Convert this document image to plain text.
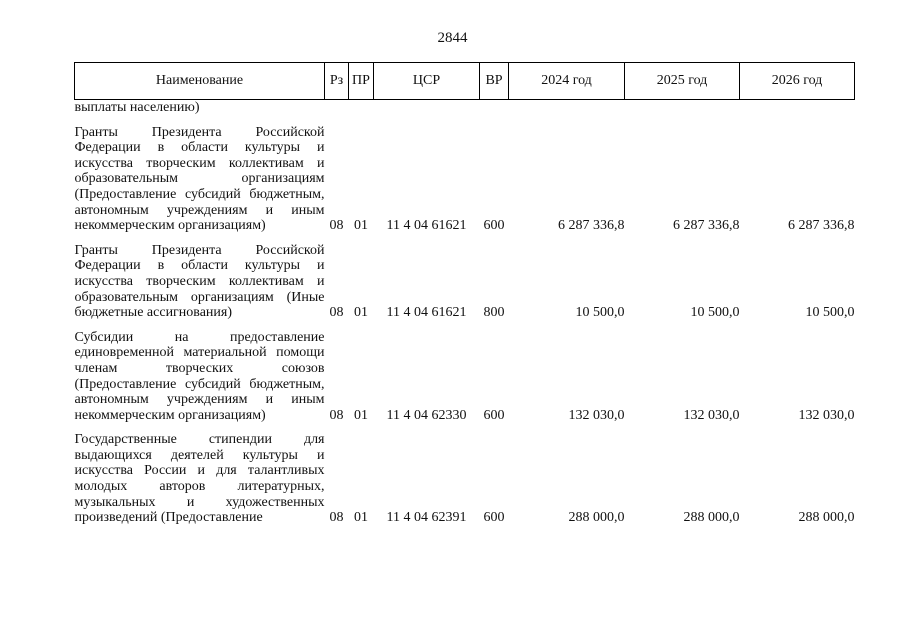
2844
Наименование	Рз	ПР	ЦСР	ВР	2024 год	2025 год	2026 год
выплаты населению)							

Гранты Президента Российской Федерации в области культуры и искусства творческим коллективам и образовательным организациям (Предоставление субсидий бюджетным, автономным учреждениям и иным некоммерческим организациям)	08	01	11 4 04 61621	600	6 287 336,8	6 287 336,8	6 287 336,8

Гранты Президента Российской Федерации в области культуры и искусства творческим коллективам и образовательным организациям (Иные бюджетные ассигнования)	08	01	11 4 04 61621	800	10 500,0	10 500,0	10 500,0

Субсидии на предоставление единовременной материальной помощи членам творческих союзов (Предоставление субсидий бюджетным, автономным учреждениям и иным некоммерческим организациям)	08	01	11 4 04 62330	600	132 030,0	132 030,0	132 030,0

Государственные стипендии для выдающихся деятелей культуры и искусства России и для талантливых молодых авторов литературных, музыкальных и художественных произведений (Предоставление	08	01	11 4 04 62391	600	288 000,0	288 000,0	288 000,0
